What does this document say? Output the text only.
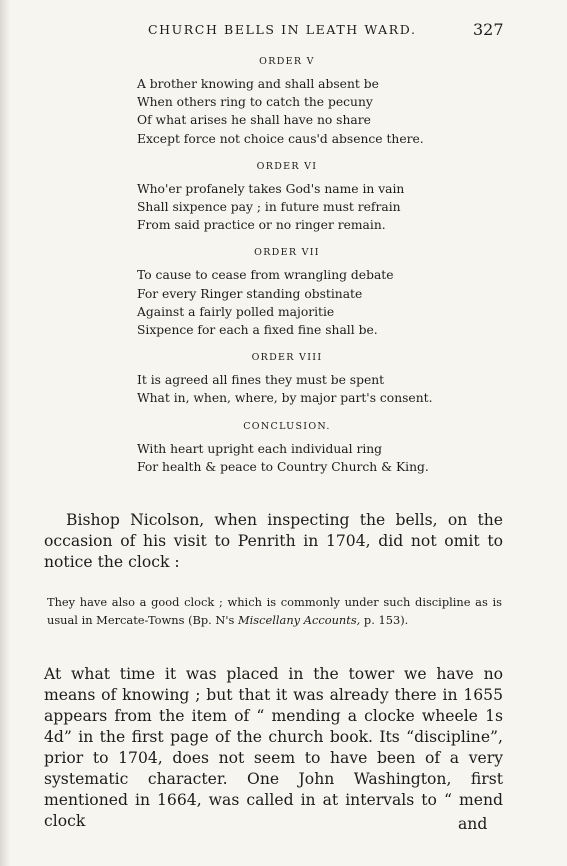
CHURCH BELLS IN LEATH WARD.	327
ORDER V
A brother knowing and shall absent be
When others ring to catch the pecuny
Of what arises he shall have no share
Except force not choice caus'd absence there.
ORDER VI
Who'er profanely takes God's name in vain
Shall sixpence pay ; in future must refrain
From said practice or no ringer remain.
ORDER VII
To cause to cease from wrangling debate
For every Ringer standing obstinate
Against a fairly polled majoritie
Sixpence for each a fixed fine shall be.
ORDER VIII
It is agreed all fines they must be spent
What in, when, where, by major part's consent.
CONCLUSION.
With heart upright each individual ring
For health & peace to Country Church & King.

Bishop Nicolson, when inspecting the bells, on the occasion of his visit to Penrith in 1704, did not omit to notice the clock :

They have also a good clock ; which is commonly under such discipline as is usual in Mercate-Towns (Bp. N's Miscellany Accounts, p. 153).

At what time it was placed in the tower we have no means of knowing ; but that it was already there in 1655 appears from the item of “ mending a clocke wheele 1s 4d” in the first page of the church book. Its “discipline”, prior to 1704, does not seem to have been of a very systematic character. One John Washington, first mentioned in 1664, was called in at intervals to “ mend clock	and
